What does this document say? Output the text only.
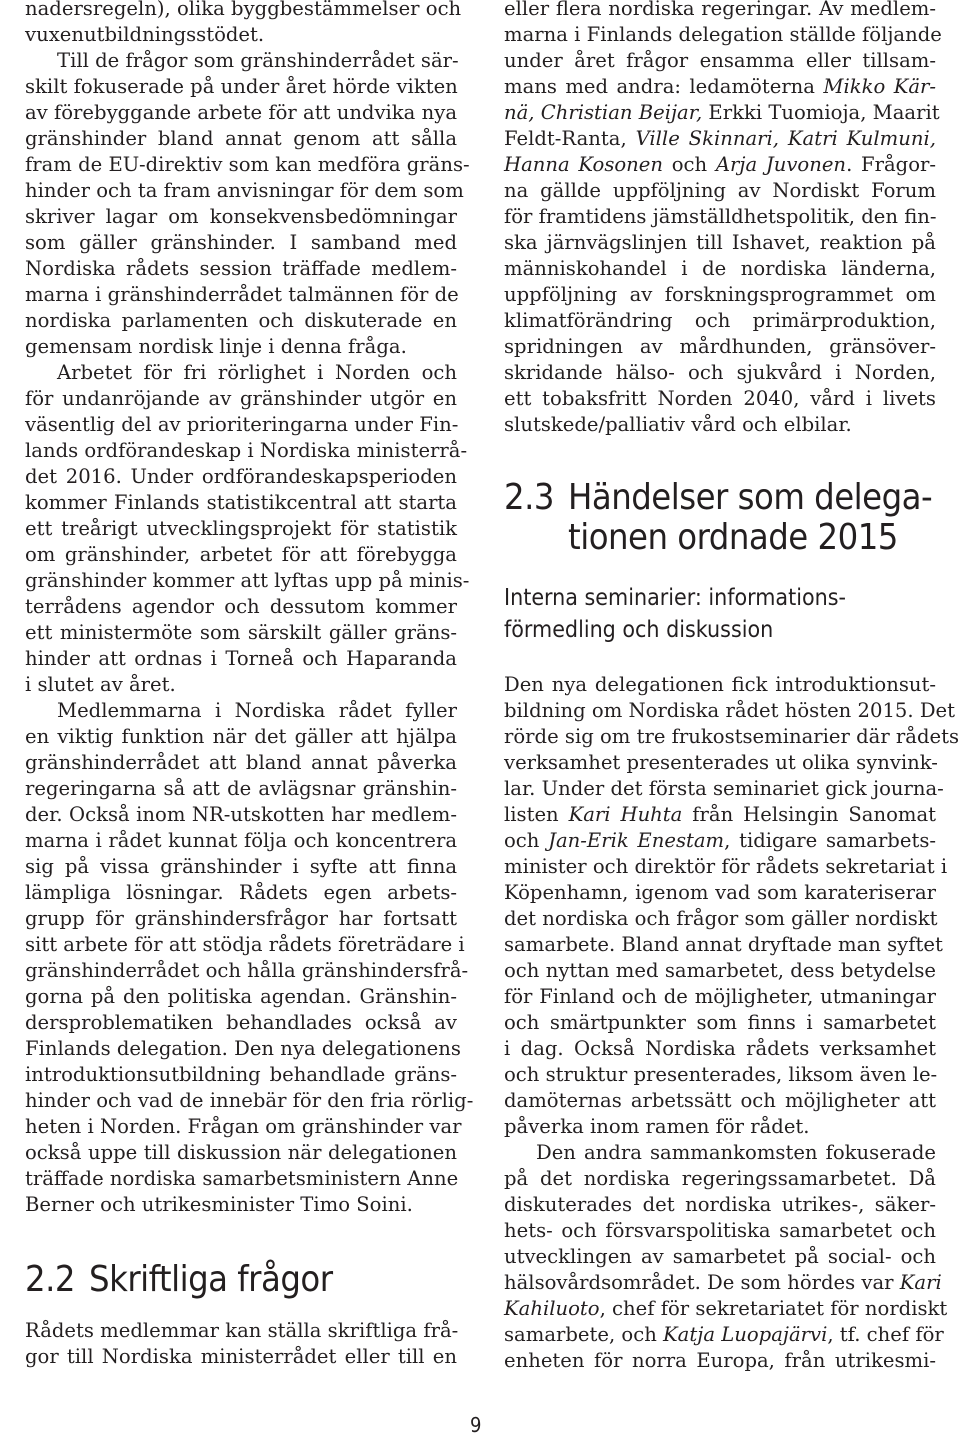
nadersregeln), olika byggbestämmelser och
vuxenutbildningsstödet.
Till de frågor som gränshinderrådet sär-
skilt fokuserade på under året hörde vikten
av förebyggande arbete för att undvika nya
gränshinder bland annat genom att sålla
fram de EU-direktiv som kan medföra gräns-
hinder och ta fram anvisningar för dem som
skriver lagar om konsekvensbedömningar
som gäller gränshinder. I samband med
Nordiska rådets session träffade medlem-
marna i gränshinderrådet talmännen för de
nordiska parlamenten och diskuterade en
gemensam nordisk linje i denna fråga.
Arbetet för fri rörlighet i Norden och
för undanröjande av gränshinder utgör en
väsentlig del av prioriteringarna under Fin-
lands ordförandeskap i Nordiska ministerrå-
det 2016. Under ordförandeskapsperioden
kommer Finlands statistikcentral att starta
ett treårigt utvecklingsprojekt för statistik
om gränshinder, arbetet för att förebygga
gränshinder kommer att lyftas upp på minis-
terrådens agendor och dessutom kommer
ett ministermöte som särskilt gäller gräns-
hinder att ordnas i Torneå och Haparanda
i slutet av året.
Medlemmarna i Nordiska rådet fyller
en viktig funktion när det gäller att hjälpa
gränshinderrådet att bland annat påverka
regeringarna så att de avlägsnar gränshin-
der. Också inom NR-utskotten har medlem-
marna i rådet kunnat följa och koncentrera
sig på vissa gränshinder i syfte att finna
lämpliga lösningar. Rådets egen arbets-
grupp för gränshindersfrågor har fortsatt
sitt arbete för att stödja rådets företrädare i
gränshinderrådet och hålla gränshindersfrå-
gorna på den politiska agendan. Gränshin-
dersproblematiken behandlades också av
Finlands delegation. Den nya delegationens
introduktionsutbildning behandlade gräns-
hinder och vad de innebär för den fria rörlig-
heten i Norden. Frågan om gränshinder var
också uppe till diskussion när delegationen
träffade nordiska samarbetsministern Anne
Berner och utrikesminister Timo Soini.
2.2 Skriftliga frågor
Rådets medlemmar kan ställa skriftliga frå-
gor till Nordiska ministerrådet eller till en
eller flera nordiska regeringar. Av medlem-
marna i Finlands delegation ställde följande
under året frågor ensamma eller tillsam-
mans med andra: ledamöterna Mikko Kär-
nä, Christian Beijar, Erkki Tuomioja, Maarit
Feldt-Ranta, Ville Skinnari, Katri Kulmuni,
Hanna Kosonen och Arja Juvonen. Frågor-
na gällde uppföljning av Nordiskt Forum
för framtidens jämställdhetspolitik, den fin-
ska järnvägslinjen till Ishavet, reaktion på
människohandel i de nordiska länderna,
uppföljning av forskningsprogrammet om
klimatförändring och primärproduktion,
spridningen av mårdhunden, gränsöver-
skridande hälso- och sjukvård i Norden,
ett tobaksfritt Norden 2040, vård i livets
slutskede/palliativ vård och elbilar.
2.3 Händelser som delega-
tionen ordnade 2015
Interna seminarier: informations-
förmedling och diskussion
Den nya delegationen fick introduktionsut-
bildning om Nordiska rådet hösten 2015. Det
rörde sig om tre frukostseminarier där rådets
verksamhet presenterades ut olika synvink-
lar. Under det första seminariet gick journa-
listen Kari Huhta från Helsingin Sanomat
och Jan-Erik Enestam, tidigare samarbets-
minister och direktör för rådets sekretariat i
Köpenhamn, igenom vad som karateriserar
det nordiska och frågor som gäller nordiskt
samarbete. Bland annat dryftade man syftet
och nyttan med samarbetet, dess betydelse
för Finland och de möjligheter, utmaningar
och smärtpunkter som finns i samarbetet
i dag. Också Nordiska rådets verksamhet
och struktur presenterades, liksom även le-
damöternas arbetssätt och möjligheter att
påverka inom ramen för rådet.
Den andra sammankomsten fokuserade
på det nordiska regeringssamarbetet. Då
diskuterades det nordiska utrikes-, säker-
hets- och försvarspolitiska samarbetet och
utvecklingen av samarbetet på social- och
hälsovårdsområdet. De som hördes var Kari
Kahiluoto, chef för sekretariatet för nordiskt
samarbete, och Katja Luopajärvi, tf. chef för
enheten för norra Europa, från utrikesmi-
9
